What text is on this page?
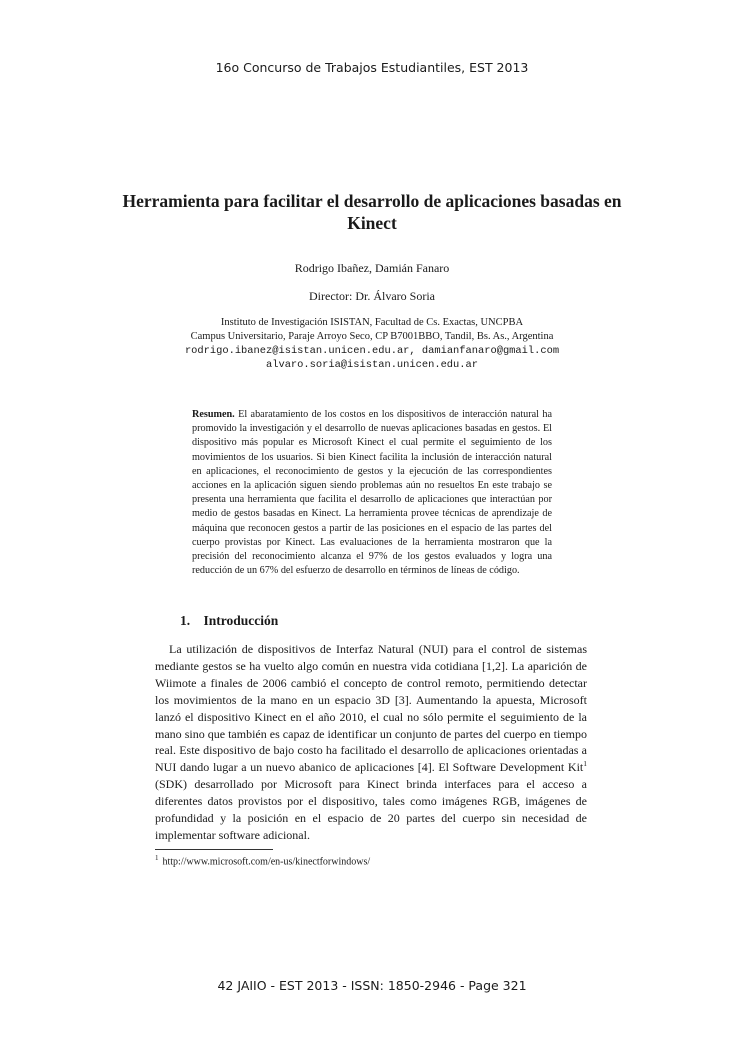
16o Concurso de Trabajos Estudiantiles, EST 2013
Herramienta para facilitar el desarrollo de aplicaciones basadas en Kinect
Rodrigo Ibañez, Damián Fanaro
Director: Dr. Álvaro Soria
Instituto de Investigación ISISTAN, Facultad de Cs. Exactas, UNCPBA
Campus Universitario, Paraje Arroyo Seco, CP B7001BBO, Tandil, Bs. As., Argentina
rodrigo.ibanez@isistan.unicen.edu.ar, damianfanaro@gmail.com
alvaro.soria@isistan.unicen.edu.ar
Resumen. El abaratamiento de los costos en los dispositivos de interacción natural ha promovido la investigación y el desarrollo de nuevas aplicaciones basadas en gestos. El dispositivo más popular es Microsoft Kinect el cual permite el seguimiento de los movimientos de los usuarios. Si bien Kinect facilita la inclusión de interacción natural en aplicaciones, el reconocimiento de gestos y la ejecución de las correspondientes acciones en la aplicación siguen siendo problemas aún no resueltos En este trabajo se presenta una herramienta que facilita el desarrollo de aplicaciones que interactúan por medio de gestos basadas en Kinect. La herramienta provee técnicas de aprendizaje de máquina que reconocen gestos a partir de las posiciones en el espacio de las partes del cuerpo provistas por Kinect. Las evaluaciones de la herramienta mostraron que la precisión del reconocimiento alcanza el 97% de los gestos evaluados y logra una reducción de un 67% del esfuerzo de desarrollo en términos de líneas de código.
1. Introducción
La utilización de dispositivos de Interfaz Natural (NUI) para el control de sistemas mediante gestos se ha vuelto algo común en nuestra vida cotidiana [1,2]. La aparición de Wiimote a finales de 2006 cambió el concepto de control remoto, permitiendo detectar los movimientos de la mano en un espacio 3D [3]. Aumentando la apuesta, Microsoft lanzó el dispositivo Kinect en el año 2010, el cual no sólo permite el seguimiento de la mano sino que también es capaz de identificar un conjunto de partes del cuerpo en tiempo real. Este dispositivo de bajo costo ha facilitado el desarrollo de aplicaciones orientadas a NUI dando lugar a un nuevo abanico de aplicaciones [4]. El Software Development Kit$^1$ (SDK) desarrollado por Microsoft para Kinect brinda interfaces para el acceso a diferentes datos provistos por el dispositivo, tales como imágenes RGB, imágenes de profundidad y la posición en el espacio de 20 partes del cuerpo sin necesidad de implementar software adicional.
$^1$ http://www.microsoft.com/en-us/kinectforwindows/
42 JAIIO - EST 2013 - ISSN: 1850-2946 - Page 321
